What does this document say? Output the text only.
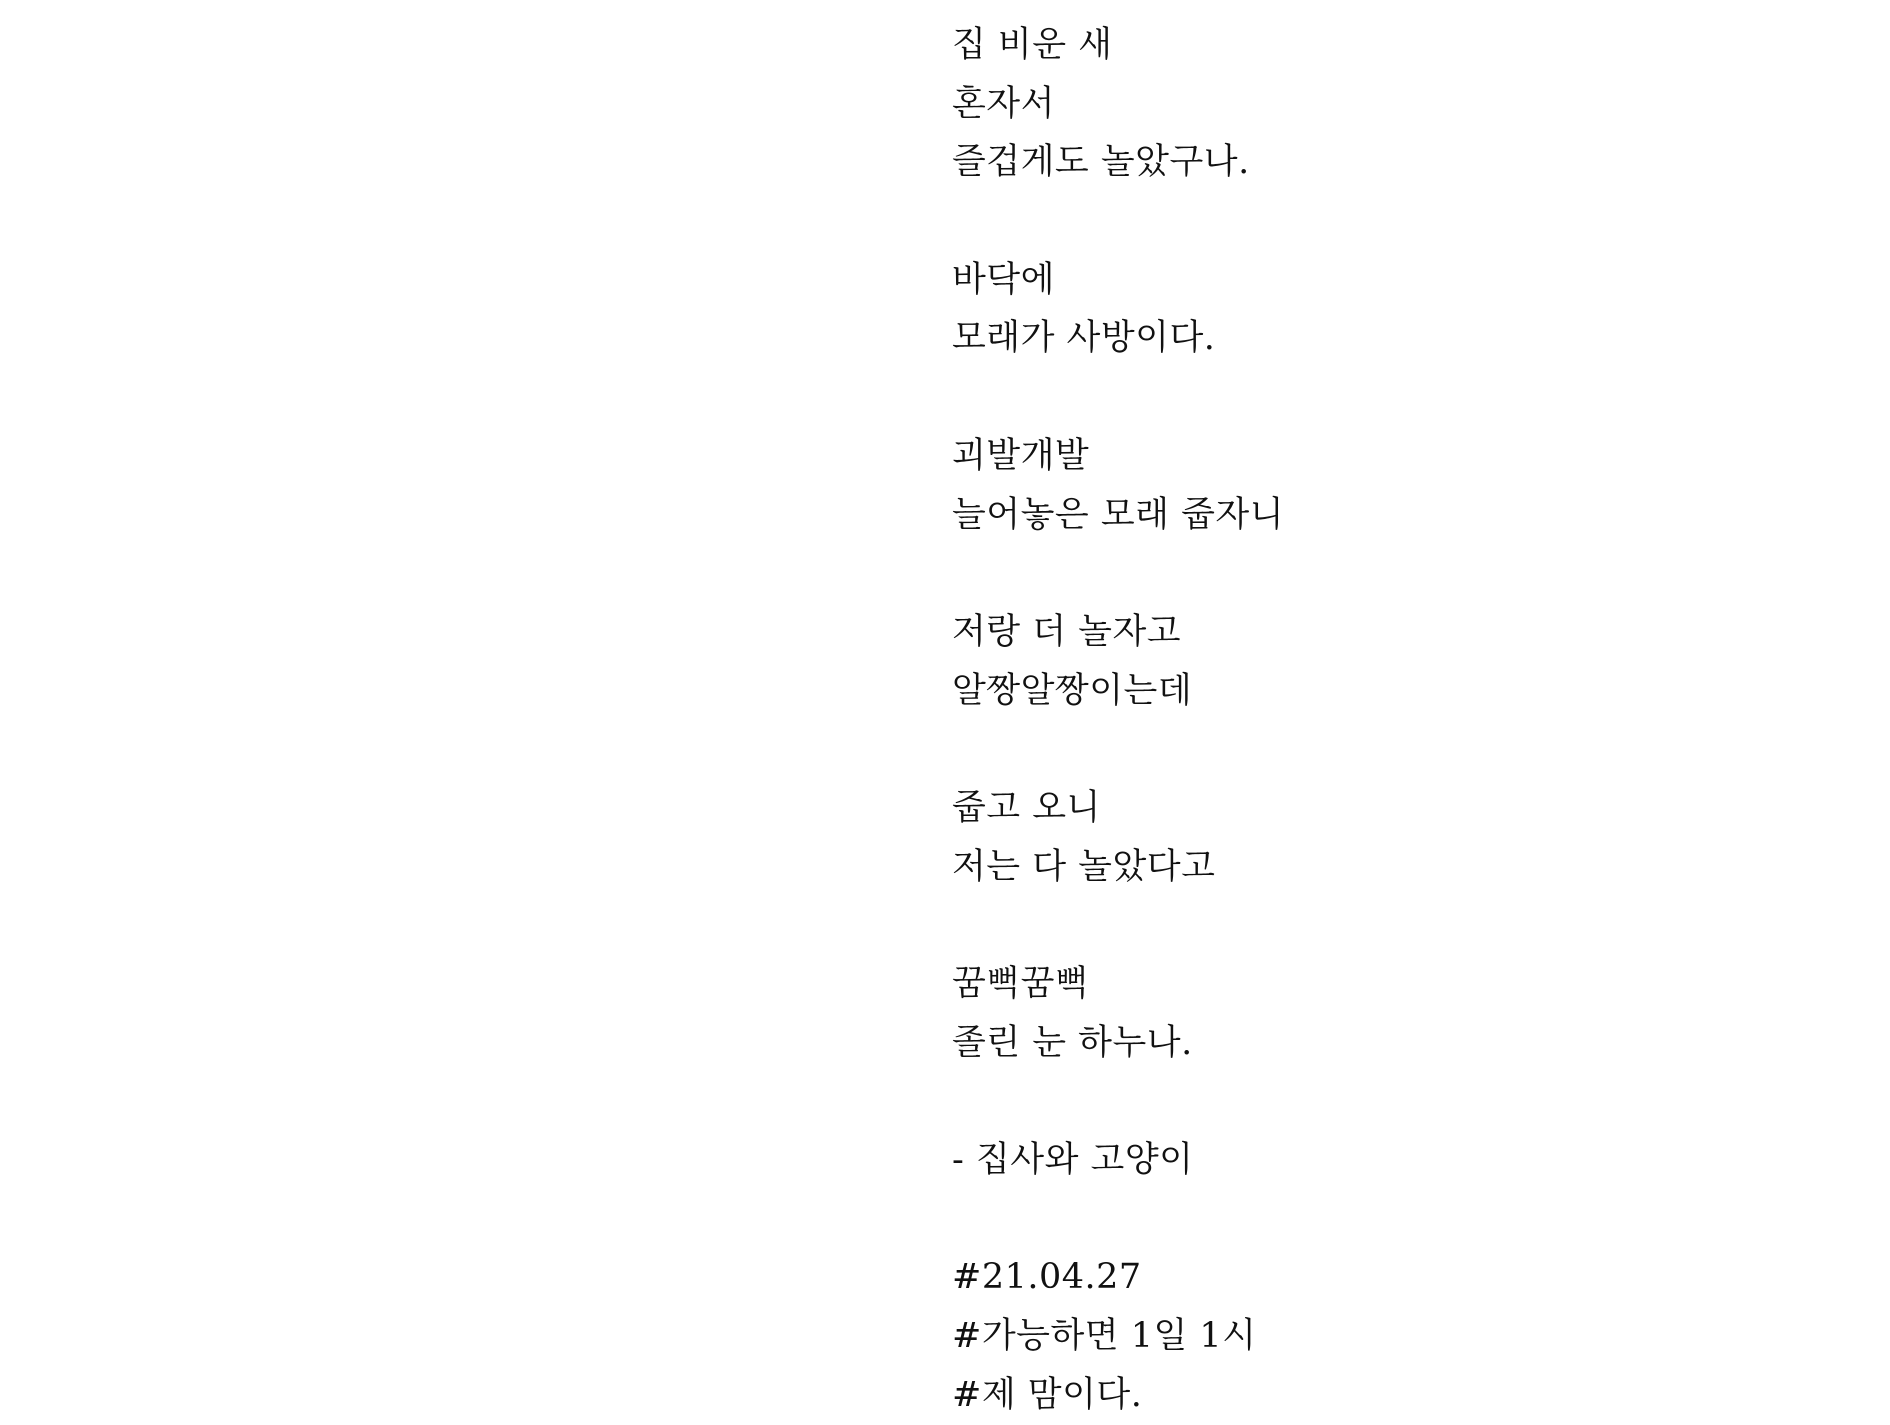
집 비운 새
혼자서
즐겁게도 놀았구나.
바닥에
모래가 사방이다.
괴발개발
늘어놓은 모래 줍자니
저랑 더 놀자고
알짱알짱이는데
줍고 오니
저는 다 놀았다고
꿈뻑꿈뻑
졸린 눈 하누나.
- 집사와 고양이
#21.04.27
#가능하면 1일 1시
#제 맘이다.
